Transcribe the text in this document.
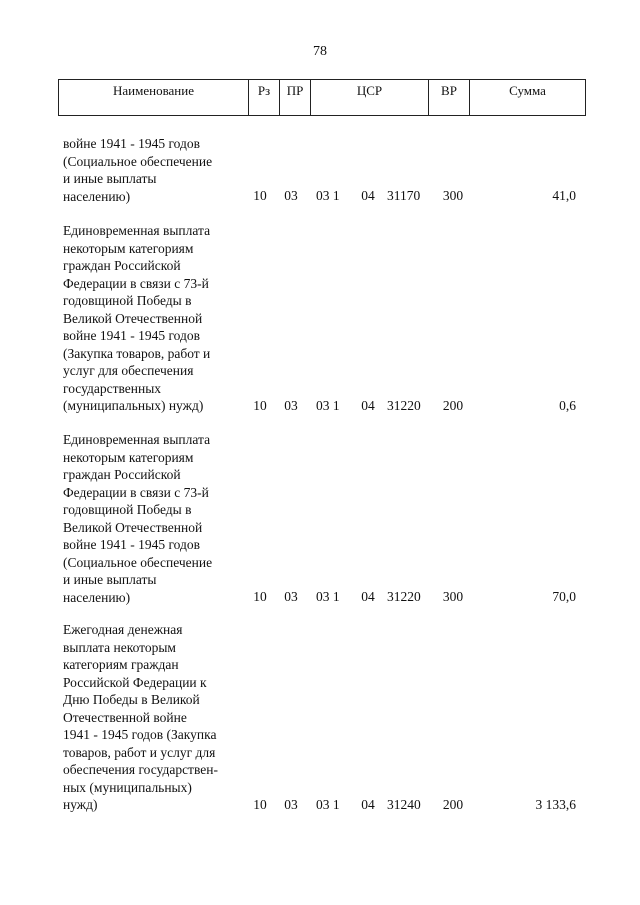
78
Наименование	Рз	ПР	ЦСР	ВР	Сумма
войне 1941 - 1945 годов
(Социальное обеспечение
и иные выплаты
населению)	10 03 03 1	04 31170	300	41,0
Единовременная выплата
некоторым категориям
граждан Российской
Федерации в связи с 73-й
годовщиной Победы в
Великой Отечественной
войне 1941 - 1945 годов
(Закупка товаров, работ и
услуг для обеспечения
государственных
(муниципальных) нужд)	10 03 03 1	04 31220	200	0,6
Единовременная выплата
некоторым категориям
граждан Российской
Федерации в связи с 73-й
годовщиной Победы в
Великой Отечественной
войне 1941 - 1945 годов
(Социальное обеспечение
и иные выплаты
населению)	10 03 03 1	04 31220	300	70,0
Ежегодная денежная
выплата некоторым
категориям граждан
Российской Федерации к
Дню Победы в Великой
Отечественной войне
1941 - 1945 годов (Закупка
товаров, работ и услуг для
обеспечения государствен-
ных (муниципальных)
нужд)	10 03 03 1	04 31240	200	3 133,6
